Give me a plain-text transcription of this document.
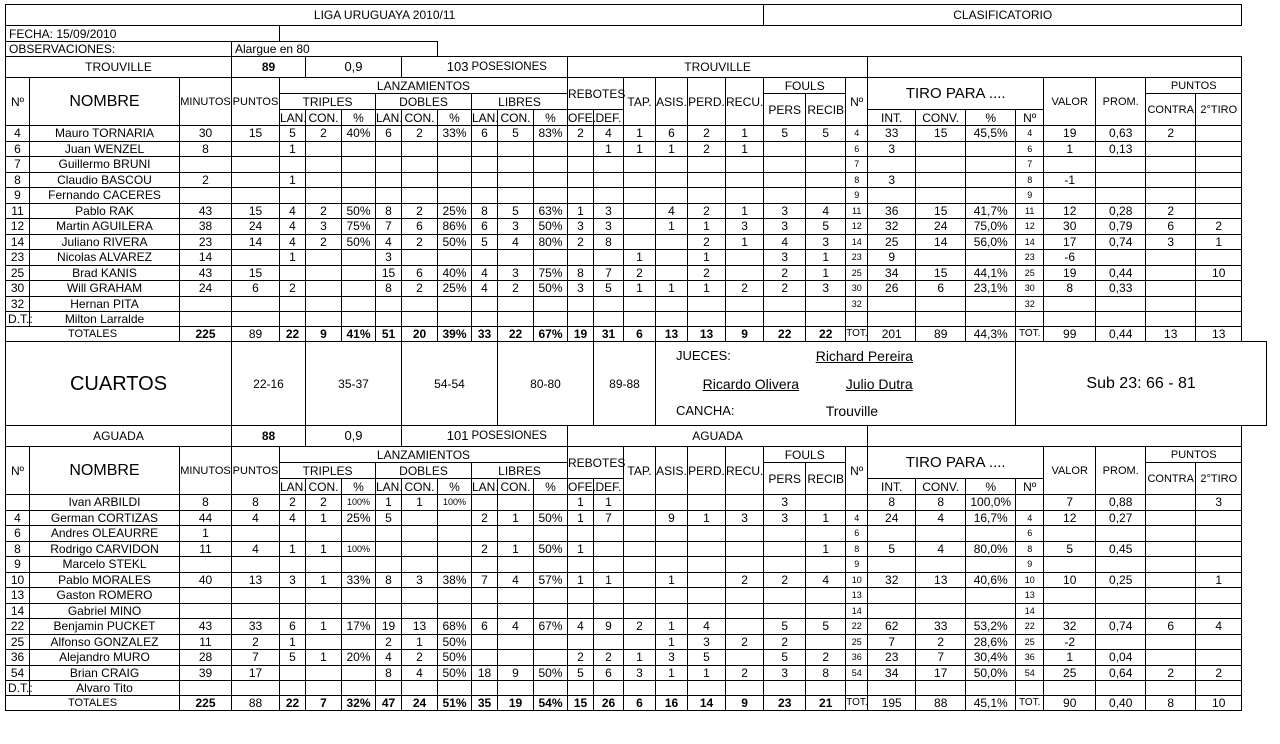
LIGA URUGUAYA 2010/11																			CLASIFICATORIO										
FECHA: 15/09/2010																													
OBSERVACIONES:			Alargue en 80																										
TROUVILLE			89		0,9			103		POSESIONES			TROUVILLE																
Nº	NOMBRE	MINUTOS	PUNTOS	LANZAMIENTOS									REBOTES		TAP.	ASIS.	PERD.	RECU.	FOULS		Nº	TIRO PARA ....				VALOR	PROM.	PUNTOS	
				TRIPLES			DOBLES			LIBRES									PERS	RECIB								CONTRA	2°TIRO
				LAN.	CON.	%	LAN.	CON.	%	LAN.	CON.	%	OFE.	DEF.								INT.	CONV.	%	Nº				
4	Mauro TORNARIA	30	15	5	2	40%	6	2	33%	6	5	83%	2	4	1	6	2	1	5	5	4	33	15	45,5%	4	19	0,63	2	
6	Juan WENZEL	8		1										1	1	1	2	1			6	3			6	1	0,13		
7	Guillermo BRUNI																				7				7				
8	Claudio BASCOU	2		1																	8	3			8	-1			
9	Fernando CACERES																				9				9				
11	Pablo RAK	43	15	4	2	50%	8	2	25%	8	5	63%	1	3		4	2	1	3	4	11	36	15	41,7%	11	12	0,28	2	
12	Martin AGUILERA	38	24	4	3	75%	7	6	86%	6	3	50%	3	3		1	1	3	3	5	12	32	24	75,0%	12	30	0,79	6	2
14	Juliano RIVERA	23	14	4	2	50%	4	2	50%	5	4	80%	2	8			2	1	4	3	14	25	14	56,0%	14	17	0,74	3	1
23	Nicolas ALVAREZ	14		1			3								1		1		3	1	23	9			23	-6			
25	Brad KANIS	43	15				15	6	40%	4	3	75%	8	7	2		2		2	1	25	34	15	44,1%	25	19	0,44		10
30	Will GRAHAM	24	6	2			8	2	25%	4	2	50%	3	5	1	1	1	2	2	3	30	26	6	23,1%	30	8	0,33		
32	Hernan PITA																				32				32				
D.T.:	Milton Larralde																												
TOTALES		225	89	22	9	41%	51	20	39%	33	22	67%	19	31	6	13	13	9	22	22	TOT.	201	89	44,3%	TOT.	99	0,44	13	13
CUARTOS			22-16		35-37			54-54			80-80			89-88		JUECES:				Richard Pereira					Sub 23: 66 - 81				
																Ricardo Olivera					Julio Dutra								
																CANCHA:				Trouville									
AGUADA			88		0,9			101		POSESIONES			AGUADA																
Nº	NOMBRE	MINUTOS	PUNTOS	LANZAMIENTOS									REBOTES		TAP.	ASIS.	PERD.	RECU.	FOULS		Nº	TIRO PARA ....				VALOR	PROM.	PUNTOS	
				TRIPLES			DOBLES			LIBRES									PERS	RECIB								CONTRA	2°TIRO
				LAN.	CON.	%	LAN.	CON.	%	LAN.	CON.	%	OFE.	DEF.								INT.	CONV.	%	Nº				
	Ivan ARBILDI	8	8	2	2	100%	1	1	100%				1	1					3			8	8	100,0%		7	0,88		3
4	German CORTIZAS	44	4	4	1	25%	5			2	1	50%	1	7		9	1	3	3	1	4	24	4	16,7%	4	12	0,27		
6	Andres OLEAURRE	1																			6				6				
8	Rodrigo CARVIDON	11	4	1	1	100%				2	1	50%	1							1	8	5	4	80,0%	8	5	0,45		
9	Marcelo STEKL																				9				9				
10	Pablo MORALES	40	13	3	1	33%	8	3	38%	7	4	57%	1	1		1		2	2	4	10	32	13	40,6%	10	10	0,25		1
13	Gaston ROMERO																				13				13				
14	Gabriel MINO																				14				14				
22	Benjamin PUCKET	43	33	6	1	17%	19	13	68%	6	4	67%	4	9	2	1	4		5	5	22	62	33	53,2%	22	32	0,74	6	4
25	Alfonso GONZALEZ	11	2	1			2	1	50%							1	3	2	2		25	7	2	28,6%	25	-2			
36	Alejandro MURO	28	7	5	1	20%	4	2	50%				2	2	1	3	5		5	2	36	23	7	30,4%	36	1	0,04		
54	Brian CRAIG	39	17				8	4	50%	18	9	50%	5	6	3	1	1	2	3	8	54	34	17	50,0%	54	25	0,64	2	2
D.T.:	Alvaro Tito																												
TOTALES		225	88	22	7	32%	47	24	51%	35	19	54%	15	26	6	16	14	9	23	21	TOT.	195	88	45,1%	TOT.	90	0,40	8	10
